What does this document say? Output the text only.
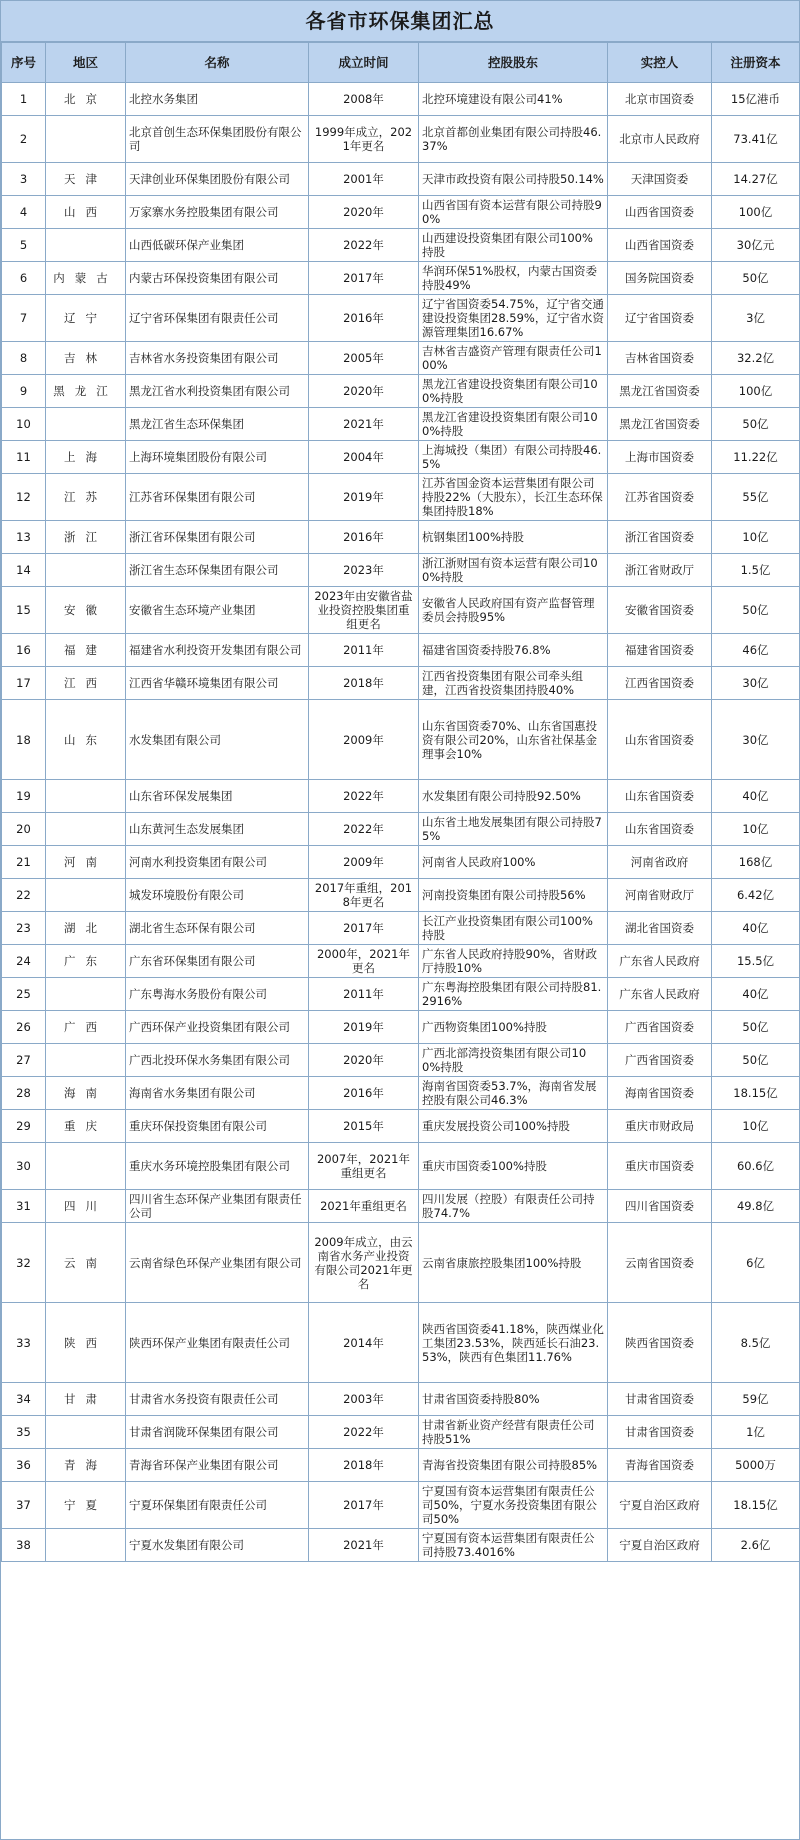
各省市环保集团汇总
序号	地区	名称	成立时间	控股股东	实控人	注册资本
1	北京	北控水务集团	2008年	北控环境建设有限公司41%	北京市国资委	15亿港币
2		北京首创生态环保集团股份有限公司	1999年成立，2021年更名	北京首都创业集团有限公司持股46.37%	北京市人民政府	73.41亿
3	天津	天津创业环保集团股份有限公司	2001年	天津市政投资有限公司持股50.14%	天津国资委	14.27亿
4	山西	万家寨水务控股集团有限公司	2020年	山西省国有资本运营有限公司持股90%	山西省国资委	100亿
5		山西低碳环保产业集团	2022年	山西建设投资集团有限公司100%持股	山西省国资委	30亿元
6	内蒙古	内蒙古环保投资集团有限公司	2017年	华润环保51%股权，内蒙古国资委持股49%	国务院国资委	50亿
7	辽宁	辽宁省环保集团有限责任公司	2016年	辽宁省国资委54.75%，辽宁省交通建设投资集团28.59%，辽宁省水资源管理集团16.67%	辽宁省国资委	3亿
8	吉林	吉林省水务投资集团有限公司	2005年	吉林省吉盛资产管理有限责任公司100%	吉林省国资委	32.2亿
9	黑龙江	黑龙江省水利投资集团有限公司	2020年	黑龙江省建设投资集团有限公司100%持股	黑龙江省国资委	100亿
10		黑龙江省生态环保集团	2021年	黑龙江省建设投资集团有限公司100%持股	黑龙江省国资委	50亿
11	上海	上海环境集团股份有限公司	2004年	上海城投（集团）有限公司持股46.5%	上海市国资委	11.22亿
12	江苏	江苏省环保集团有限公司	2019年	江苏省国金资本运营集团有限公司持股22%（大股东），长江生态环保集团持股18%	江苏省国资委	55亿
13	浙江	浙江省环保集团有限公司	2016年	杭钢集团100%持股	浙江省国资委	10亿
14		浙江省生态环保集团有限公司	2023年	浙江浙财国有资本运营有限公司100%持股	浙江省财政厅	1.5亿
15	安徽	安徽省生态环境产业集团	2023年由安徽省盐业投资控股集团重组更名	安徽省人民政府国有资产监督管理委员会持股95%	安徽省国资委	50亿
16	福建	福建省水利投资开发集团有限公司	2011年	福建省国资委持股76.8%	福建省国资委	46亿
17	江西	江西省华赣环境集团有限公司	2018年	江西省投资集团有限公司牵头组建，江西省投资集团持股40%	江西省国资委	30亿
18	山东	水发集团有限公司	2009年	山东省国资委70%、山东省国惠投资有限公司20%，山东省社保基金理事会10%	山东省国资委	30亿
19		山东省环保发展集团	2022年	水发集团有限公司持股92.50%	山东省国资委	40亿
20		山东黄河生态发展集团	2022年	山东省土地发展集团有限公司持股75%	山东省国资委	10亿
21	河南	河南水利投资集团有限公司	2009年	河南省人民政府100%	河南省政府	168亿
22		城发环境股份有限公司	2017年重组，2018年更名	河南投资集团有限公司持股56%	河南省财政厅	6.42亿
23	湖北	湖北省生态环保有限公司	2017年	长江产业投资集团有限公司100%持股	湖北省国资委	40亿
24	广东	广东省环保集团有限公司	2000年，2021年更名	广东省人民政府持股90%，省财政厅持股10%	广东省人民政府	15.5亿
25		广东粤海水务股份有限公司	2011年	广东粤海控股集团有限公司持股81.2916%	广东省人民政府	40亿
26	广西	广西环保产业投资集团有限公司	2019年	广西物资集团100%持股	广西省国资委	50亿
27		广西北投环保水务集团有限公司	2020年	广西北部湾投资集团有限公司100%持股	广西省国资委	50亿
28	海南	海南省水务集团有限公司	2016年	海南省国资委53.7%，海南省发展控股有限公司46.3%	海南省国资委	18.15亿
29	重庆	重庆环保投资集团有限公司	2015年	重庆发展投资公司100%持股	重庆市财政局	10亿
30		重庆水务环境控股集团有限公司	2007年，2021年重组更名	重庆市国资委100%持股	重庆市国资委	60.6亿
31	四川	四川省生态环保产业集团有限责任公司	2021年重组更名	四川发展（控股）有限责任公司持股74.7%	四川省国资委	49.8亿
32	云南	云南省绿色环保产业集团有限公司	2009年成立，由云南省水务产业投资有限公司2021年更名	云南省康旅控股集团100%持股	云南省国资委	6亿
33	陕西	陕西环保产业集团有限责任公司	2014年	陕西省国资委41.18%，陕西煤业化工集团23.53%，陕西延长石油23.53%，陕西有色集团11.76%	陕西省国资委	8.5亿
34	甘肃	甘肃省水务投资有限责任公司	2003年	甘肃省国资委持股80%	甘肃省国资委	59亿
35		甘肃省润陇环保集团有限公司	2022年	甘肃省新业资产经营有限责任公司持股51%	甘肃省国资委	1亿
36	青海	青海省环保产业集团有限公司	2018年	青海省投资集团有限公司持股85%	青海省国资委	5000万
37	宁夏	宁夏环保集团有限责任公司	2017年	宁夏国有资本运营集团有限责任公司50%，宁夏水务投资集团有限公司50%	宁夏自治区政府	18.15亿
38		宁夏水发集团有限公司	2021年	宁夏国有资本运营集团有限责任公司持股73.4016%	宁夏自治区政府	2.6亿
